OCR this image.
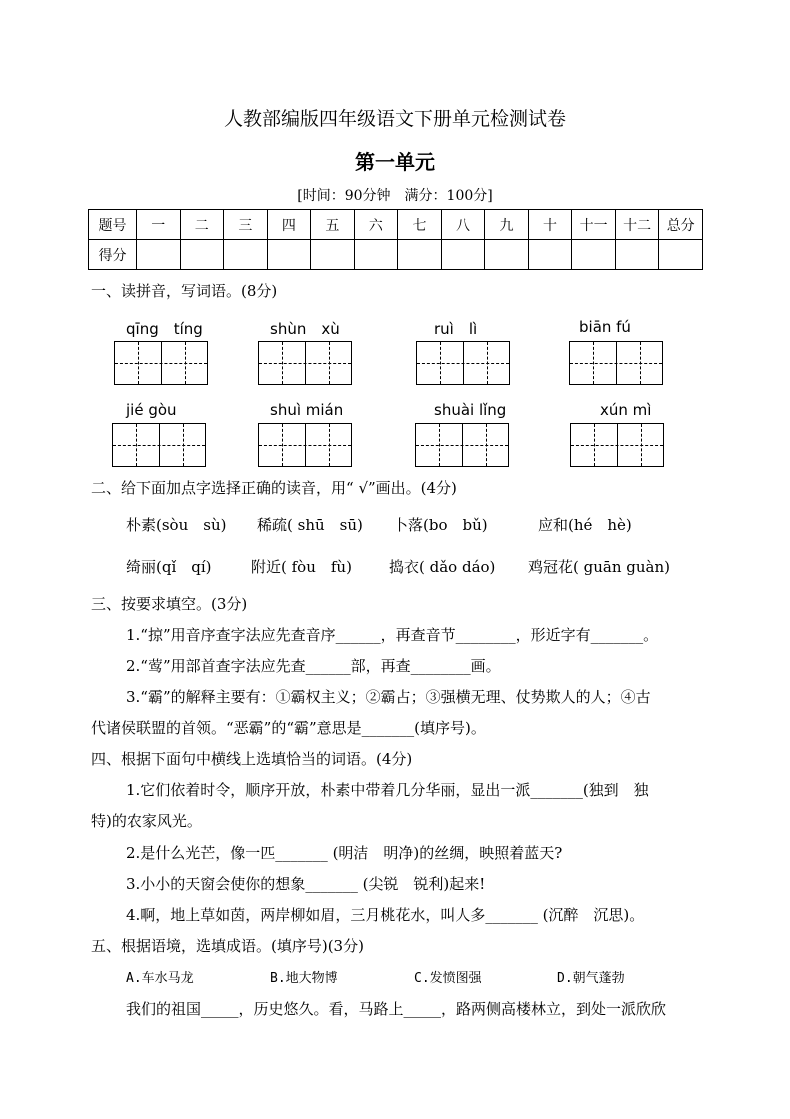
人教部编版四年级语文下册单元检测试卷
第一单元
[时间：90分钟　满分：100分]
题号	一	二	三	四	五	六	七	八	九	十	十一	十二	总分
得分													
一、读拼音，写词语。(8分)
qīng　tíng	shùn　xù	ruì　lì	biān fú
jié gòu	shuì mián	shuài lǐng	xún mì
二、给下面加点字选择正确的读音，用“ √”画出。(4分)
朴素(sòu　sù) 稀疏( shū　sū) 卜落(bo　bǔ)	应和(hé　hè)
绮丽(qǐ　qí)	附近( fòu　fù) 捣衣( dǎo dáo) 鸡冠花( guān guàn)
三、按要求填空。(3分)
1.“掠”用音序查字法应先查音序______，再查音节________，形近字有_______。
2.“莺”用部首查字法应先查______部，再查________画。
3.“霸”的解释主要有：①霸权主义；②霸占；③强横无理、仗势欺人的人；④古
代诸侯联盟的首领。“恶霸”的“霸”意思是_______(填序号)。
四、根据下面句中横线上选填恰当的词语。(4分)
1.它们依着时令，顺序开放，朴素中带着几分华丽，显出一派_______(独到　独
特)的农家风光。
2.是什么光芒，像一匹_______ (明洁　明净)的丝绸，映照着蓝天?
3.小小的天窗会使你的想象_______ (尖锐　锐利)起来!
4.啊，地上草如茵，两岸柳如眉，三月桃花水，叫人多_______ (沉醉　沉思)。
五、根据语境，选填成语。(填序号)(3分)
A.车水马龙	B.地大物博	C.发愤图强	D.朝气蓬勃
我们的祖国_____，历史悠久。看，马路上_____，路两侧高楼林立，到处一派欣欣
